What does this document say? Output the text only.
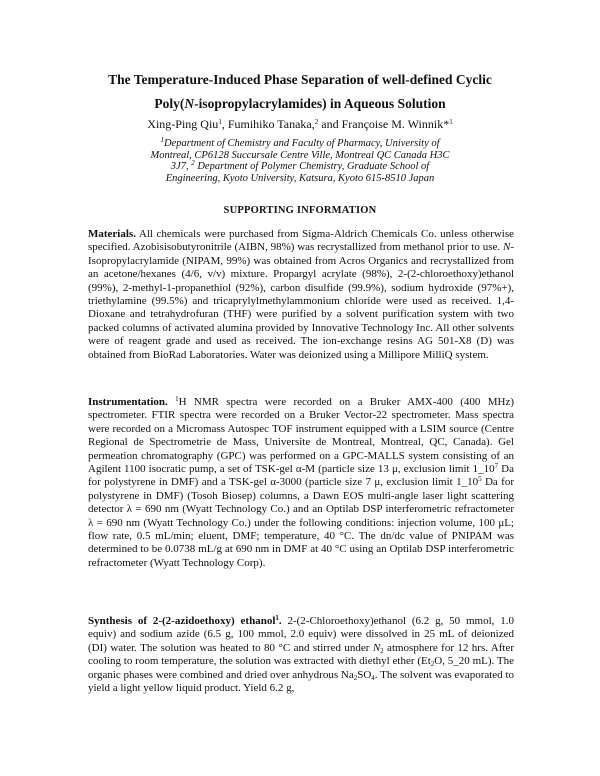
The Temperature-Induced Phase Separation of well-defined Cyclic
Poly(N-isopropylacrylamides) in Aqueous Solution
Xing-Ping Qiu$^1$, Fumihiko Tanaka,$^2$ and Françoise M. Winnik*$^1$
$^1$Department of Chemistry and Faculty of Pharmacy, University of Montreal, CP6128 Succursale Centre Ville, Montreal QC Canada H3C 3J7, $^2$ Department of Polymer Chemistry, Graduate School of Engineering, Kyoto University, Katsura, Kyoto 615-8510 Japan
SUPPORTING INFORMATION
Materials. All chemicals were purchased from Sigma-Aldrich Chemicals Co. unless otherwise specified. Azobisisobutyronitrile (AIBN, 98%) was recrystallized from methanol prior to use. N-Isopropylacrylamide (NIPAM, 99%) was obtained from Acros Organics and recrystallized from an acetone/hexanes (4/6, v/v) mixture. Propargyl acrylate (98%), 2-(2-chloroethoxy)ethanol (99%), 2-methyl-1-propanethiol (92%), carbon disulfide (99.9%), sodium hydroxide (97%+), triethylamine (99.5%) and tricaprylylmethylammonium chloride were used as received. 1,4-Dioxane and tetrahydrofuran (THF) were purified by a solvent purification system with two packed columns of activated alumina provided by Innovative Technology Inc. All other solvents were of reagent grade and used as received. The ion-exchange resins AG 501-X8 (D) was obtained from BioRad Laboratories. Water was deionized using a Millipore MilliQ system.
Instrumentation. $^1$H NMR spectra were recorded on a Bruker AMX-400 (400 MHz) spectrometer. FTIR spectra were recorded on a Bruker Vector-22 spectrometer. Mass spectra were recorded on a Micromass Autospec TOF instrument equipped with a LSIM source (Centre Regional de Spectrometrie de Mass, Universite de Montreal, Montreal, QC, Canada). Gel permeation chromatography (GPC) was performed on a GPC-MALLS system consisting of an Agilent 1100 isocratic pump, a set of TSK-gel α-M (particle size 13 μ, exclusion limit $1\_10^7$ Da for polystyrene in DMF) and a TSK-gel α-3000 (particle size 7 μ, exclusion limit $1\_10^5$ Da for polystyrene in DMF) (Tosoh Biosep) columns, a Dawn EOS multi-angle laser light scattering detector λ = 690 nm (Wyatt Technology Co.) and an Optilab DSP interferometric refractometer λ = 690 nm (Wyatt Technology Co.) under the following conditions: injection volume, 100 μL; flow rate, 0.5 mL/min; eluent, DMF; temperature, 40 °C. The dn/dc value of PNIPAM was determined to be 0.0738 mL/g at 690 nm in DMF at 40 °C using an Optilab DSP interferometric refractometer (Wyatt Technology Corp).
Synthesis of 2-(2-azidoethoxy) ethanol$^1$. 2-(2-Chloroethoxy)ethanol (6.2 g, 50 mmol, 1.0 equiv) and sodium azide (6.5 g, 100 mmol, 2.0 equiv) were dissolved in 25 mL of deionized (DI) water. The solution was heated to 80 °C and stirred under $N_2$ atmosphere for 12 hrs. After cooling to room temperature, the solution was extracted with diethyl ether ($Et_2O$, 5_20 mL). The organic phases were combined and dried over anhydrous $Na_2SO_4$. The solvent was evaporated to yield a light yellow liquid product. Yield 6.2 g,
